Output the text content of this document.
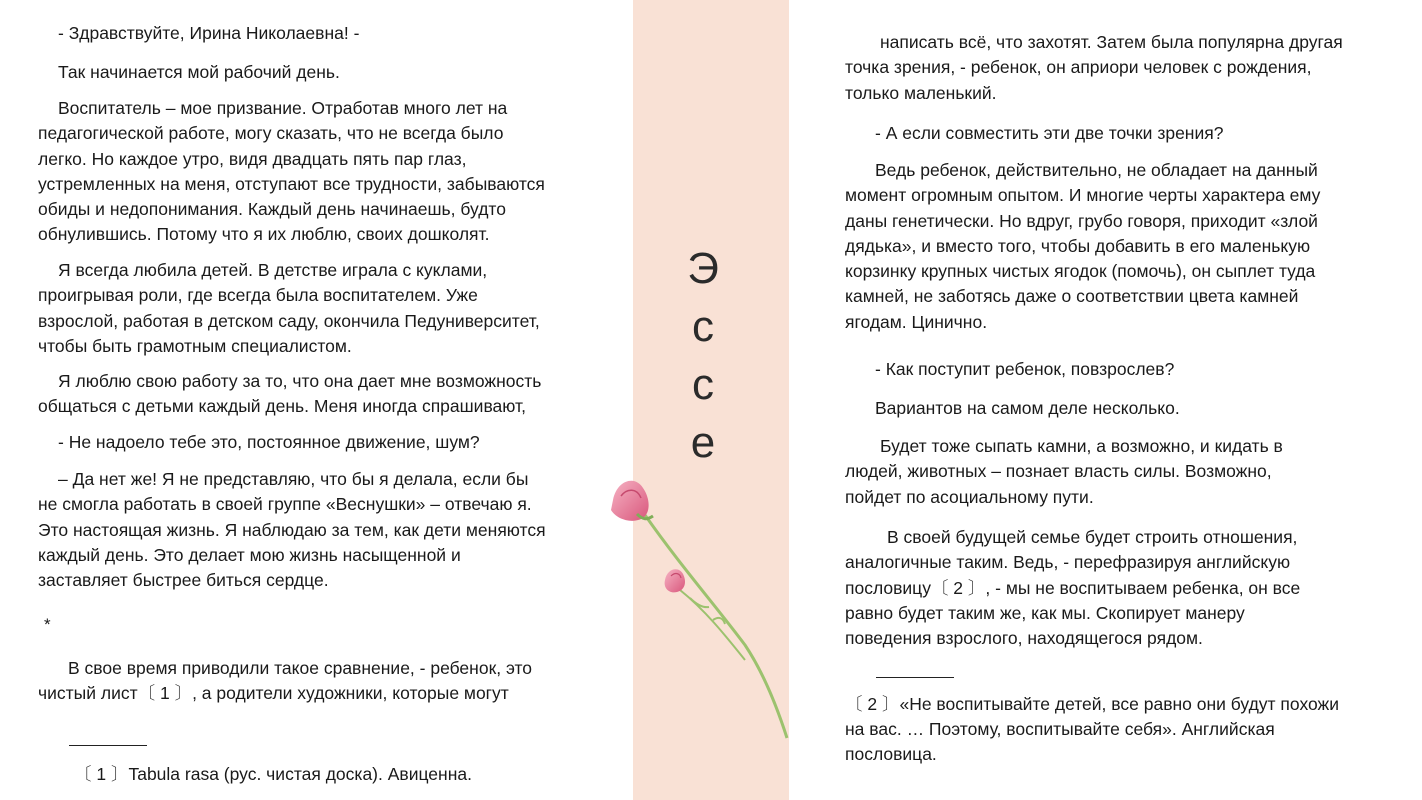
- Здравствуйте, Ирина Николаевна! -

Так начинается мой рабочий день.

Воспитатель – мое призвание. Отработав много лет на
педагогической работе, могу сказать, что не всегда было
легко. Но каждое утро, видя двадцать пять пар глаз,
устремленных на меня, отступают все трудности, забываются
обиды и недопонимания. Каждый день начинаешь, будто
обнулившись. Потому что я их люблю, своих дошколят.

Я всегда любила детей. В детстве играла с куклами,
проигрывая роли, где всегда была воспитателем. Уже
взрослой, работая в детском саду, окончила Педуниверситет,
чтобы быть грамотным специалистом.

Я люблю свою работу за то, что она дает мне возможность
общаться с детьми каждый день. Меня иногда спрашивают,

- Не надоело тебе это, постоянное движение, шум?

– Да нет же! Я не представляю, что бы я делала, если бы
не смогла работать в своей группе «Веснушки» – отвечаю я.
Это настоящая жизнь. Я наблюдаю за тем, как дети меняются
каждый день. Это делает мою жизнь насыщенной и
заставляет быстрее биться сердце.

*

В свое время приводили такое сравнение, - ребенок, это
чистый лист〔 1 〕, а родители художники, которые могут

〔 1 〕Tabula rasa (рус. чистая доска). Авиценна.

Э
с
с
е

написать всё, что захотят. Затем была популярна другая
точка зрения, - ребенок, он априори человек с рождения,
только маленький.

- А если совместить эти две точки зрения?

Ведь ребенок, действительно, не обладает на данный
момент огромным опытом. И многие черты характера ему
даны генетически. Но вдруг, грубо говоря, приходит «злой
дядька», и вместо того, чтобы добавить в его маленькую
корзинку крупных чистых ягодок (помочь), он сыплет туда
камней, не заботясь даже о соответствии цвета камней
ягодам. Цинично.

- Как поступит ребенок, повзрослев?

Вариантов на самом деле несколько.

Будет тоже сыпать камни, а возможно, и кидать в
людей, животных – познает власть силы. Возможно,
пойдет по асоциальному пути.

В своей будущей семье будет строить отношения,
аналогичные таким. Ведь, - перефразируя английскую
пословицу〔 2 〕, - мы не воспитываем ребенка, он все
равно будет таким же, как мы. Скопирует манеру
поведения взрослого, находящегося рядом.

〔 2 〕«Не воспитывайте детей, все равно они будут похожи
на вас. … Поэтому, воспитывайте себя». Английская
пословица.
